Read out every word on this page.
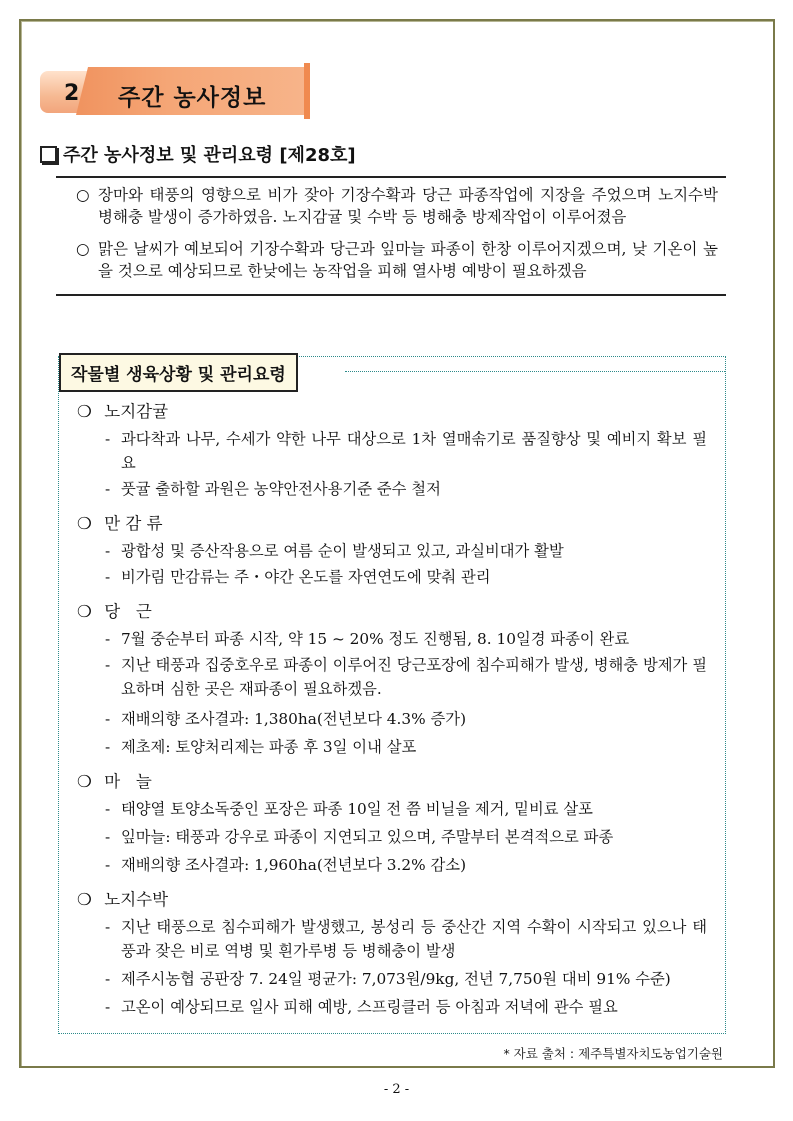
2 주간 농사정보
주간 농사정보 및 관리요령 [제28호]
○ 장마와 태풍의 영향으로 비가 잦아 기장수확과 당근 파종작업에 지장을 주었으며 노지수박 병해충 발생이 증가하였음. 노지감귤 및 수박 등 병해충 방제작업이 이루어졌음
○ 맑은 날씨가 예보되어 기장수확과 당근과 잎마늘 파종이 한창 이루어지겠으며, 낮 기온이 높을 것으로 예상되므로 한낮에는 농작업을 피해 열사병 예방이 필요하겠음
작물별 생육상황 및 관리요령
❍ 노지감귤
- 과다착과 나무, 수세가 약한 나무 대상으로 1차 열매솎기로 품질향상 및 예비지 확보 필요
- 풋귤 출하할 과원은 농약안전사용기준 준수 철저
❍ 만 감 류
- 광합성 및 증산작용으로 여름 순이 발생되고 있고, 과실비대가 활발
- 비가림 만감류는 주・야간 온도를 자연연도에 맞춰 관리
❍ 당   근
- 7월 중순부터 파종 시작, 약 15 ~ 20% 정도 진행됨, 8. 10일경 파종이 완료
- 지난 태풍과 집중호우로 파종이 이루어진 당근포장에 침수피해가 발생, 병해충 방제가 필요하며 심한 곳은 재파종이 필요하겠음.
- 재배의향 조사결과: 1,380ha(전년보다 4.3% 증가)
- 제초제: 토양처리제는 파종 후 3일 이내 살포
❍ 마   늘
- 태양열 토양소독중인 포장은 파종 10일 전 쯤 비닐을 제거, 밑비료 살포
- 잎마늘: 태풍과 강우로 파종이 지연되고 있으며, 주말부터 본격적으로 파종
- 재배의향 조사결과: 1,960ha(전년보다 3.2% 감소)
❍ 노지수박
- 지난 태풍으로 침수피해가 발생했고, 봉성리 등 중산간 지역 수확이 시작되고 있으나 태풍과 잦은 비로 역병 및 흰가루병 등 병해충이 발생
- 제주시농협 공판장 7. 24일 평균가: 7,073원/9kg, 전년 7,750원 대비 91% 수준)
- 고온이 예상되므로 일사 피해 예방, 스프링클러 등 아침과 저녁에 관수 필요
* 자료 출처 : 제주특별자치도농업기술원
- 2 -
